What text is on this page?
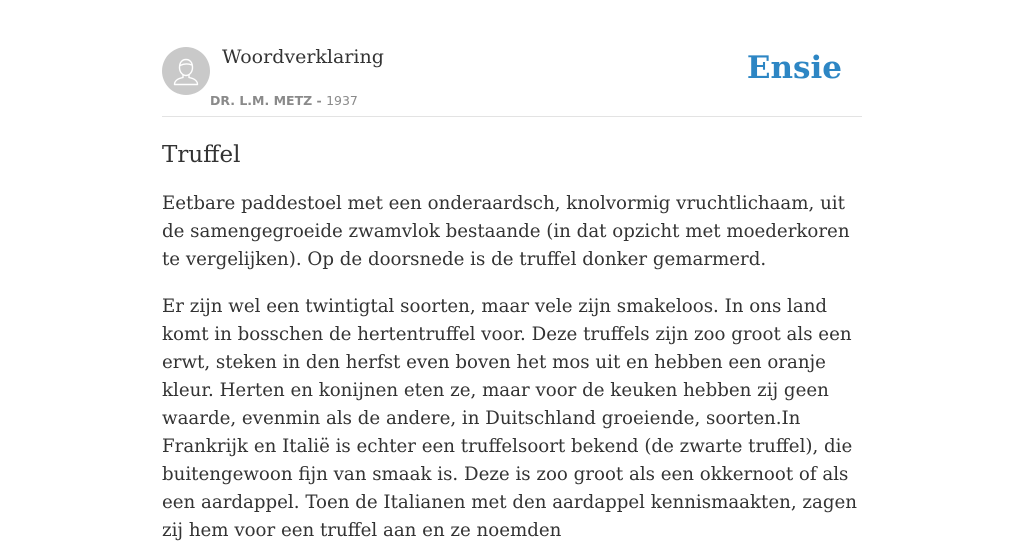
Woordverklaring
DR. L.M. METZ - 1937
Ensie
Truffel

Eetbare paddestoel met een onderaardsch, knolvormig vruchtlichaam, uit de samengegroeide zwamvlok bestaande (in dat opzicht met moederkoren te vergelijken). Op de doorsnede is de truffel donker gemarmerd.

Er zijn wel een twintigtal soorten, maar vele zijn smakeloos. In ons land komt in bosschen de hertentruffel voor. Deze truffels zijn zoo groot als een erwt, steken in den herfst even boven het mos uit en hebben een oranje kleur. Herten en konijnen eten ze, maar voor de keuken hebben zij geen waarde, evenmin als de andere, in Duitschland groeiende, soorten.In Frankrijk en Italië is echter een truffelsoort bekend (de zwarte truffel), die buitengewoon fijn van smaak is. Deze is zoo groot als een okkernoot of als een aardappel. Toen de Italianen met den aardappel kennismaakten, zagen zij hem voor een truffel aan en ze noemden
